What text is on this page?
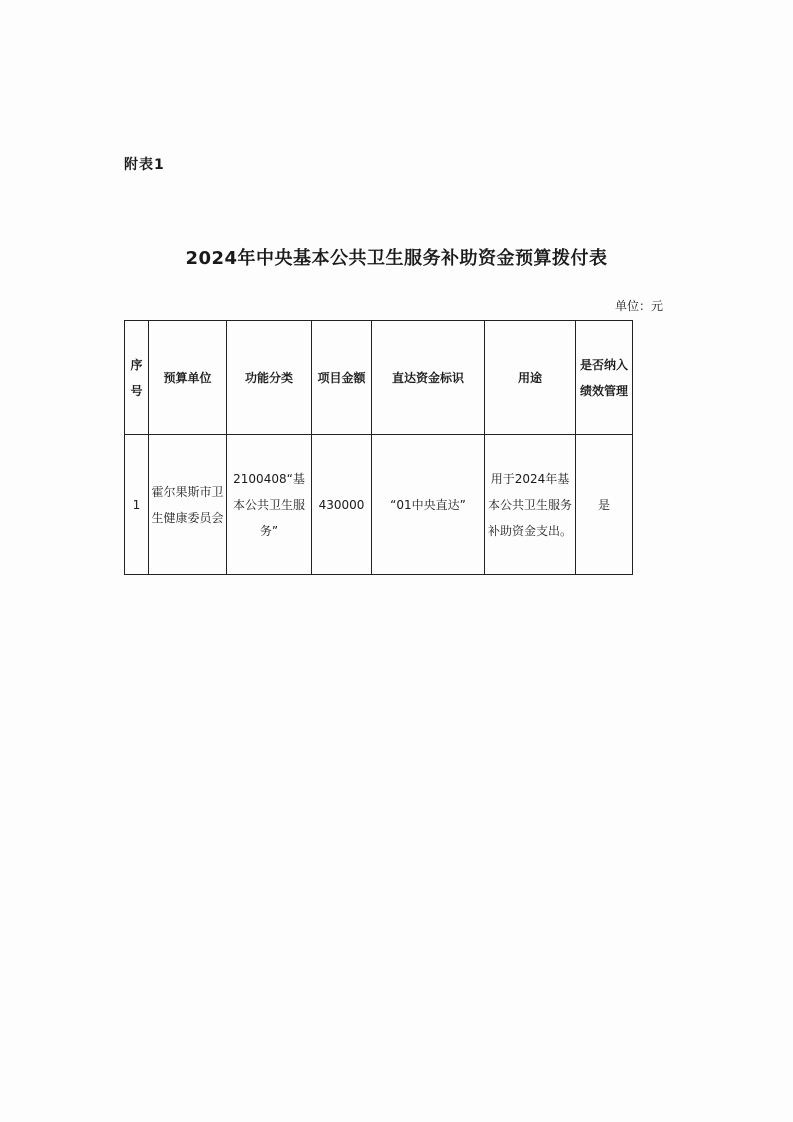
附表1
2024年中央基本公共卫生服务补助资金预算拨付表
单位：元
序号	预算单位	功能分类	项目金额	直达资金标识	用途	是否纳入绩效管理
1	霍尔果斯市卫生健康委员会	2100408“基本公共卫生服务”	430000	“01中央直达”	用于2024年基本公共卫生服务补助资金支出。	是
